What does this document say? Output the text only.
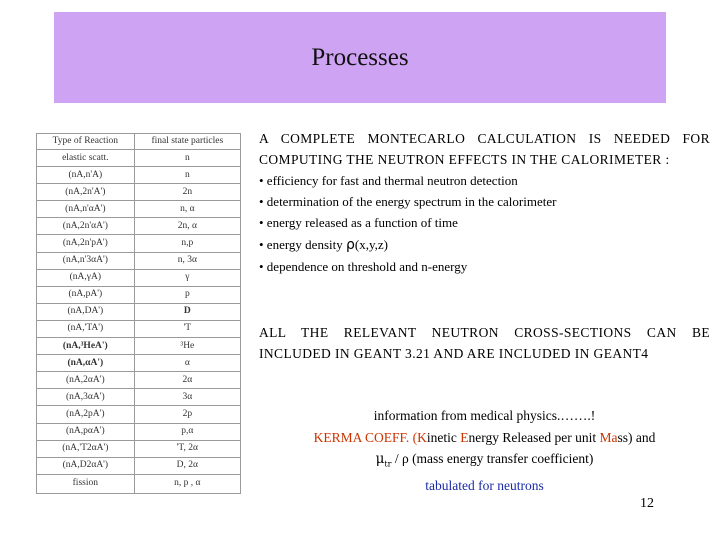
Processes
Type of Reaction	final state particles
elastic scatt.	n
(nA,n'A)	n
(nA,2n'A')	2n
(nA,n'αA')	n, α
(nA,2n'αA')	2n, α
(nA,2n'pA')	n,p
(nA,n'3αA')	n, 3α
(nA,γA)	γ
(nA,pA')	p
(nA,DA')	D
(nA,'TA')	'T
(nA,³HeA')	³He
(nA,αA')	α
(nA,2αA')	2α
(nA,3αA')	3α
(nA,2pA')	2p
(nA,pαA')	p,α
(nA,'T2αA')	'T, 2α
(nA,D2αA')	D, 2α
fission	n, p , α

A COMPLETE MONTECARLO CALCULATION IS NEEDED FOR COMPUTING THE NEUTRON EFFECTS IN THE CALORIMETER :

• efficiency for fast and thermal neutron detection
• determination of the energy spectrum in the calorimeter
• energy released as a function of time
• energy density ρ(x,y,z)
• dependence on threshold and n-energy

ALL THE RELEVANT NEUTRON CROSS-SECTIONS CAN BE INCLUDED IN GEANT 3.21 AND ARE INCLUDED IN GEANT4

information from medical physics.…….!

KERMA COEFF. (Kinetic Energy Released per unit Mass) and

$\mu_{tr}$ / ρ (mass energy transfer coefficient)

tabulated for neutrons

12
